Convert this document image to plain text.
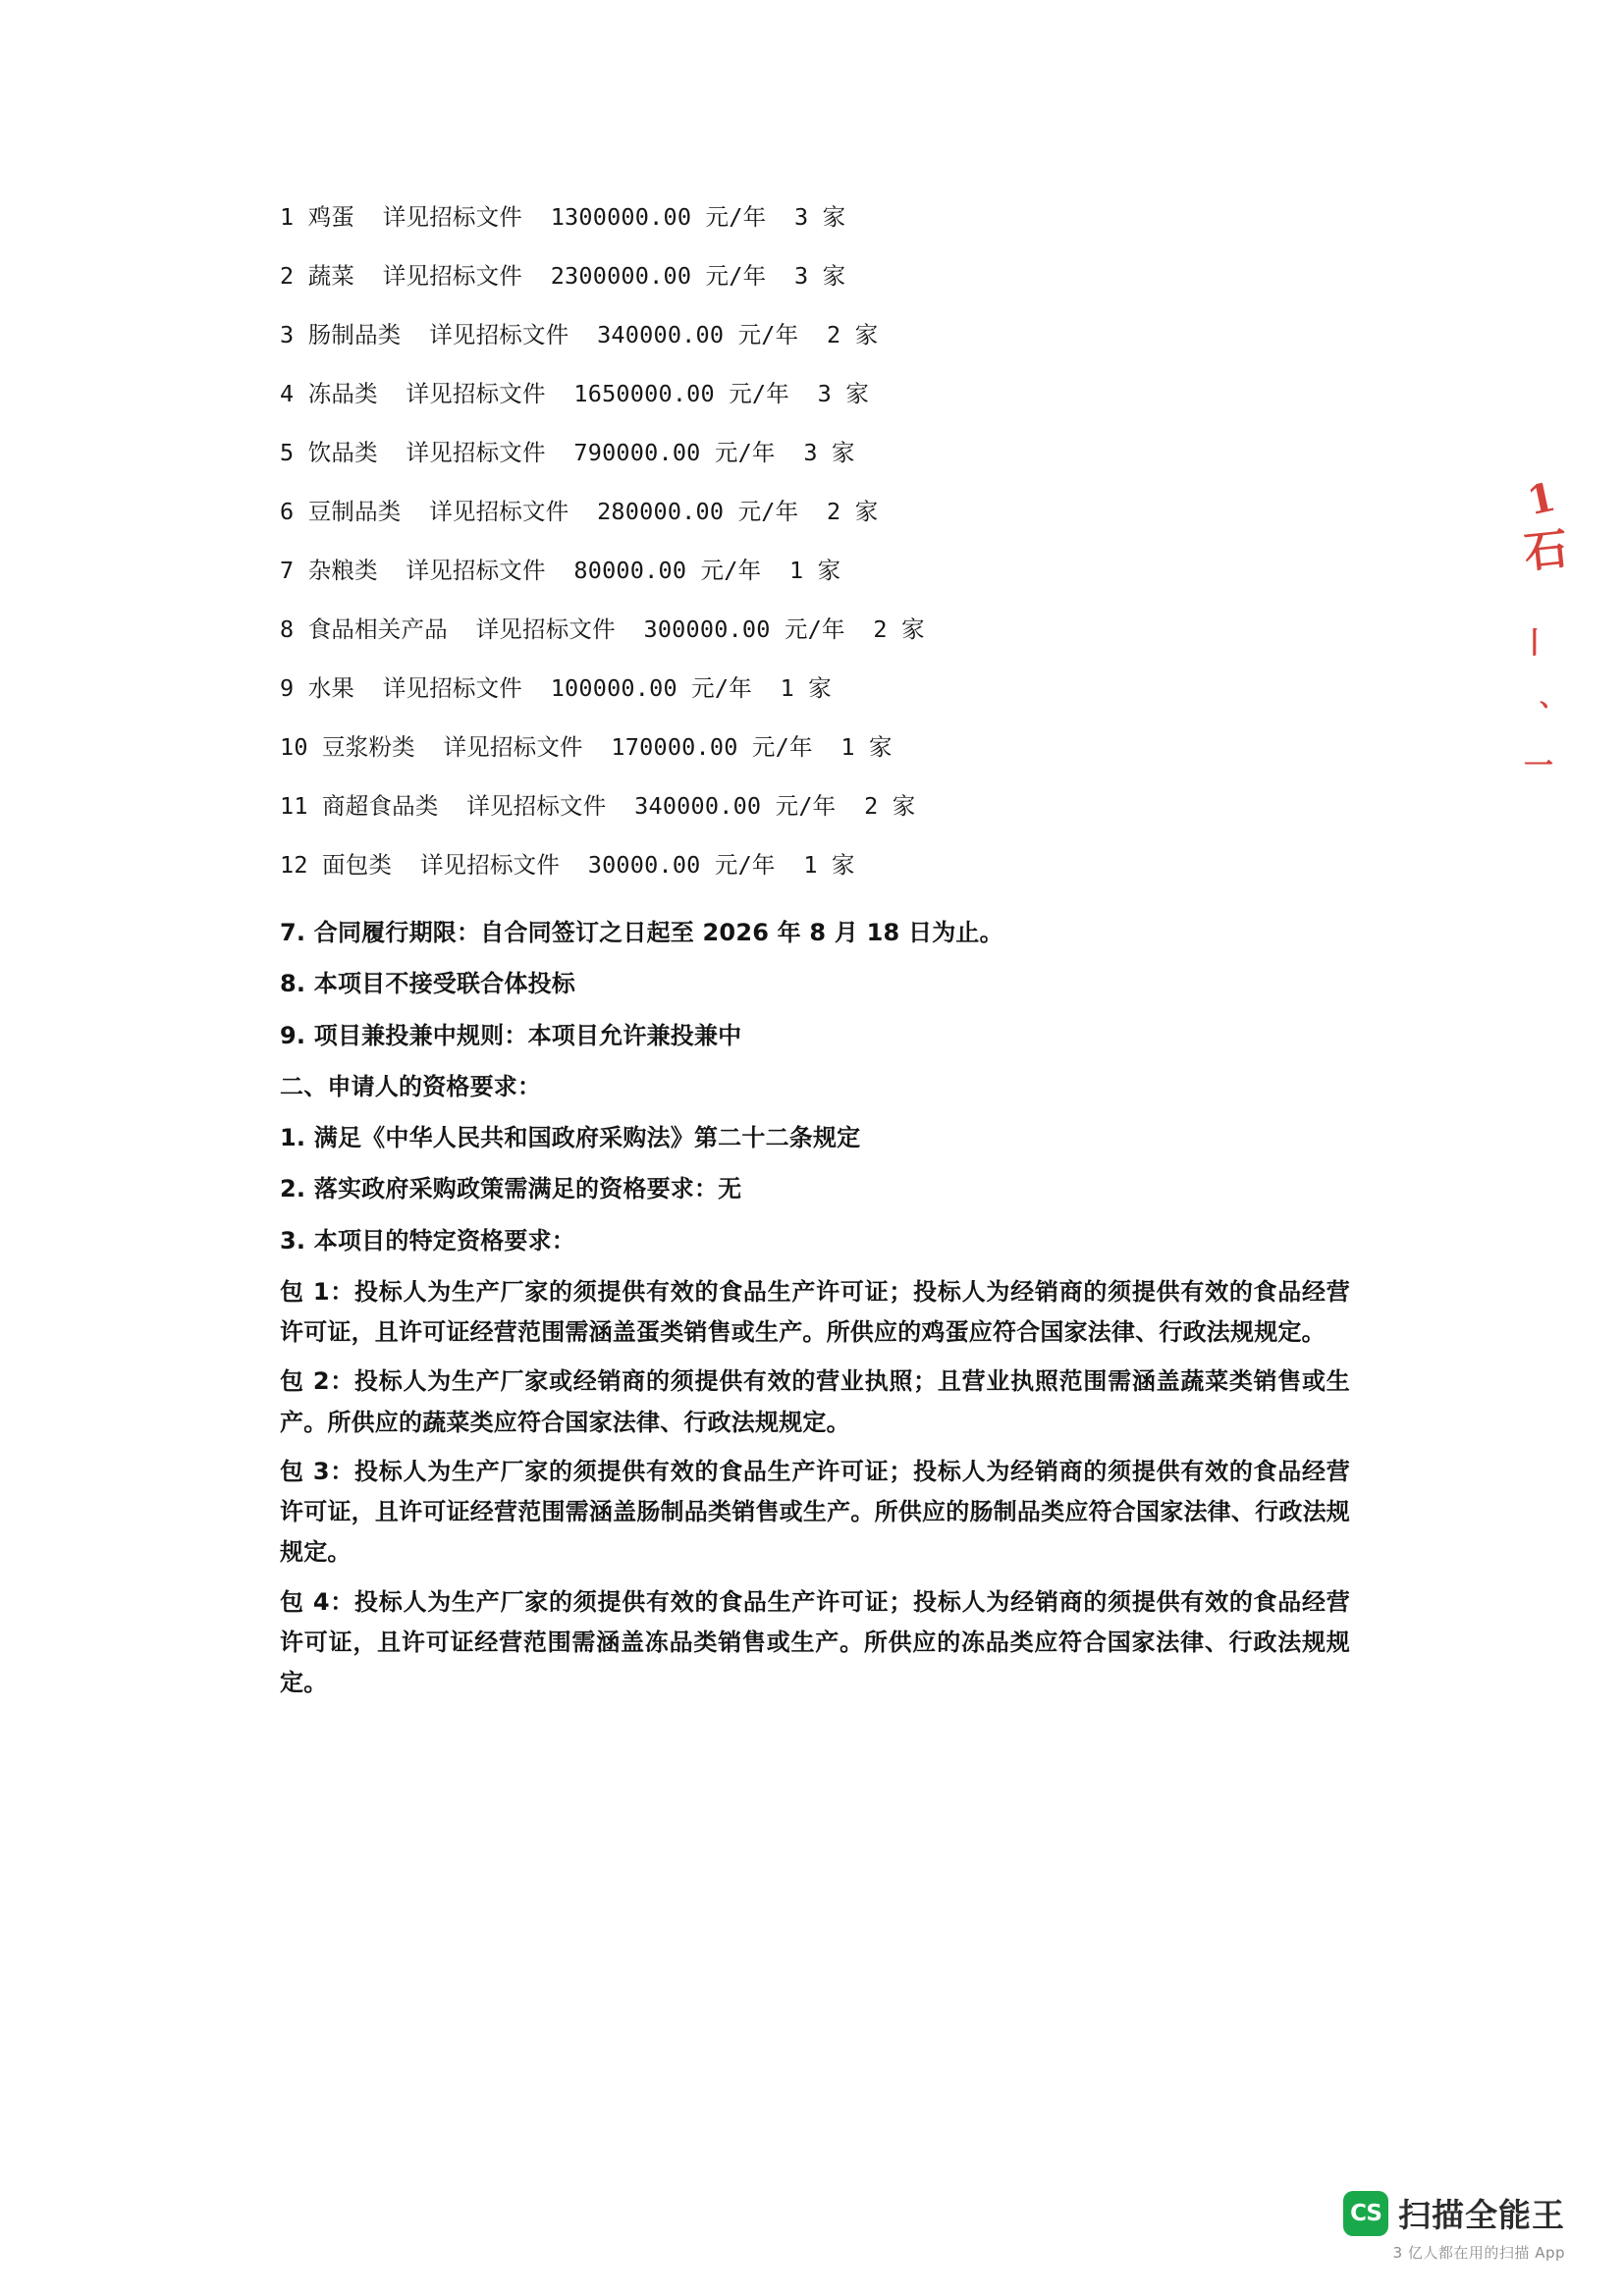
1 鸡蛋  详见招标文件  1300000.00 元/年  3 家
2 蔬菜  详见招标文件  2300000.00 元/年  3 家
3 肠制品类  详见招标文件  340000.00 元/年  2 家
4 冻品类  详见招标文件  1650000.00 元/年  3 家
5 饮品类  详见招标文件  790000.00 元/年  3 家
6 豆制品类  详见招标文件  280000.00 元/年  2 家
7 杂粮类  详见招标文件  80000.00 元/年  1 家
8 食品相关产品  详见招标文件  300000.00 元/年  2 家
9 水果  详见招标文件  100000.00 元/年  1 家
10 豆浆粉类  详见招标文件  170000.00 元/年  1 家
11 商超食品类  详见招标文件  340000.00 元/年  2 家
12 面包类  详见招标文件  30000.00 元/年  1 家
7. 合同履行期限：自合同签订之日起至 2026 年 8 月 18 日为止。
8. 本项目不接受联合体投标
9. 项目兼投兼中规则：本项目允许兼投兼中
二、申请人的资格要求：
1. 满足《中华人民共和国政府采购法》第二十二条规定
2. 落实政府采购政策需满足的资格要求：无
3. 本项目的特定资格要求：
包 1：投标人为生产厂家的须提供有效的食品生产许可证；投标人为经销商的须提供有效的食品经营许可证，且许可证经营范围需涵盖蛋类销售或生产。所供应的鸡蛋应符合国家法律、行政法规规定。
包 2：投标人为生产厂家或经销商的须提供有效的营业执照；且营业执照范围需涵盖蔬菜类销售或生产。所供应的蔬菜类应符合国家法律、行政法规规定。
包 3：投标人为生产厂家的须提供有效的食品生产许可证；投标人为经销商的须提供有效的食品经营许可证，且许可证经营范围需涵盖肠制品类销售或生产。所供应的肠制品类应符合国家法律、行政法规规定。
包 4：投标人为生产厂家的须提供有效的食品生产许可证；投标人为经销商的须提供有效的食品经营许可证，且许可证经营范围需涵盖冻品类销售或生产。所供应的冻品类应符合国家法律、行政法规规定。
1
石
丨
、
一
CS 扫描全能王
3 亿人都在用的扫描 App
